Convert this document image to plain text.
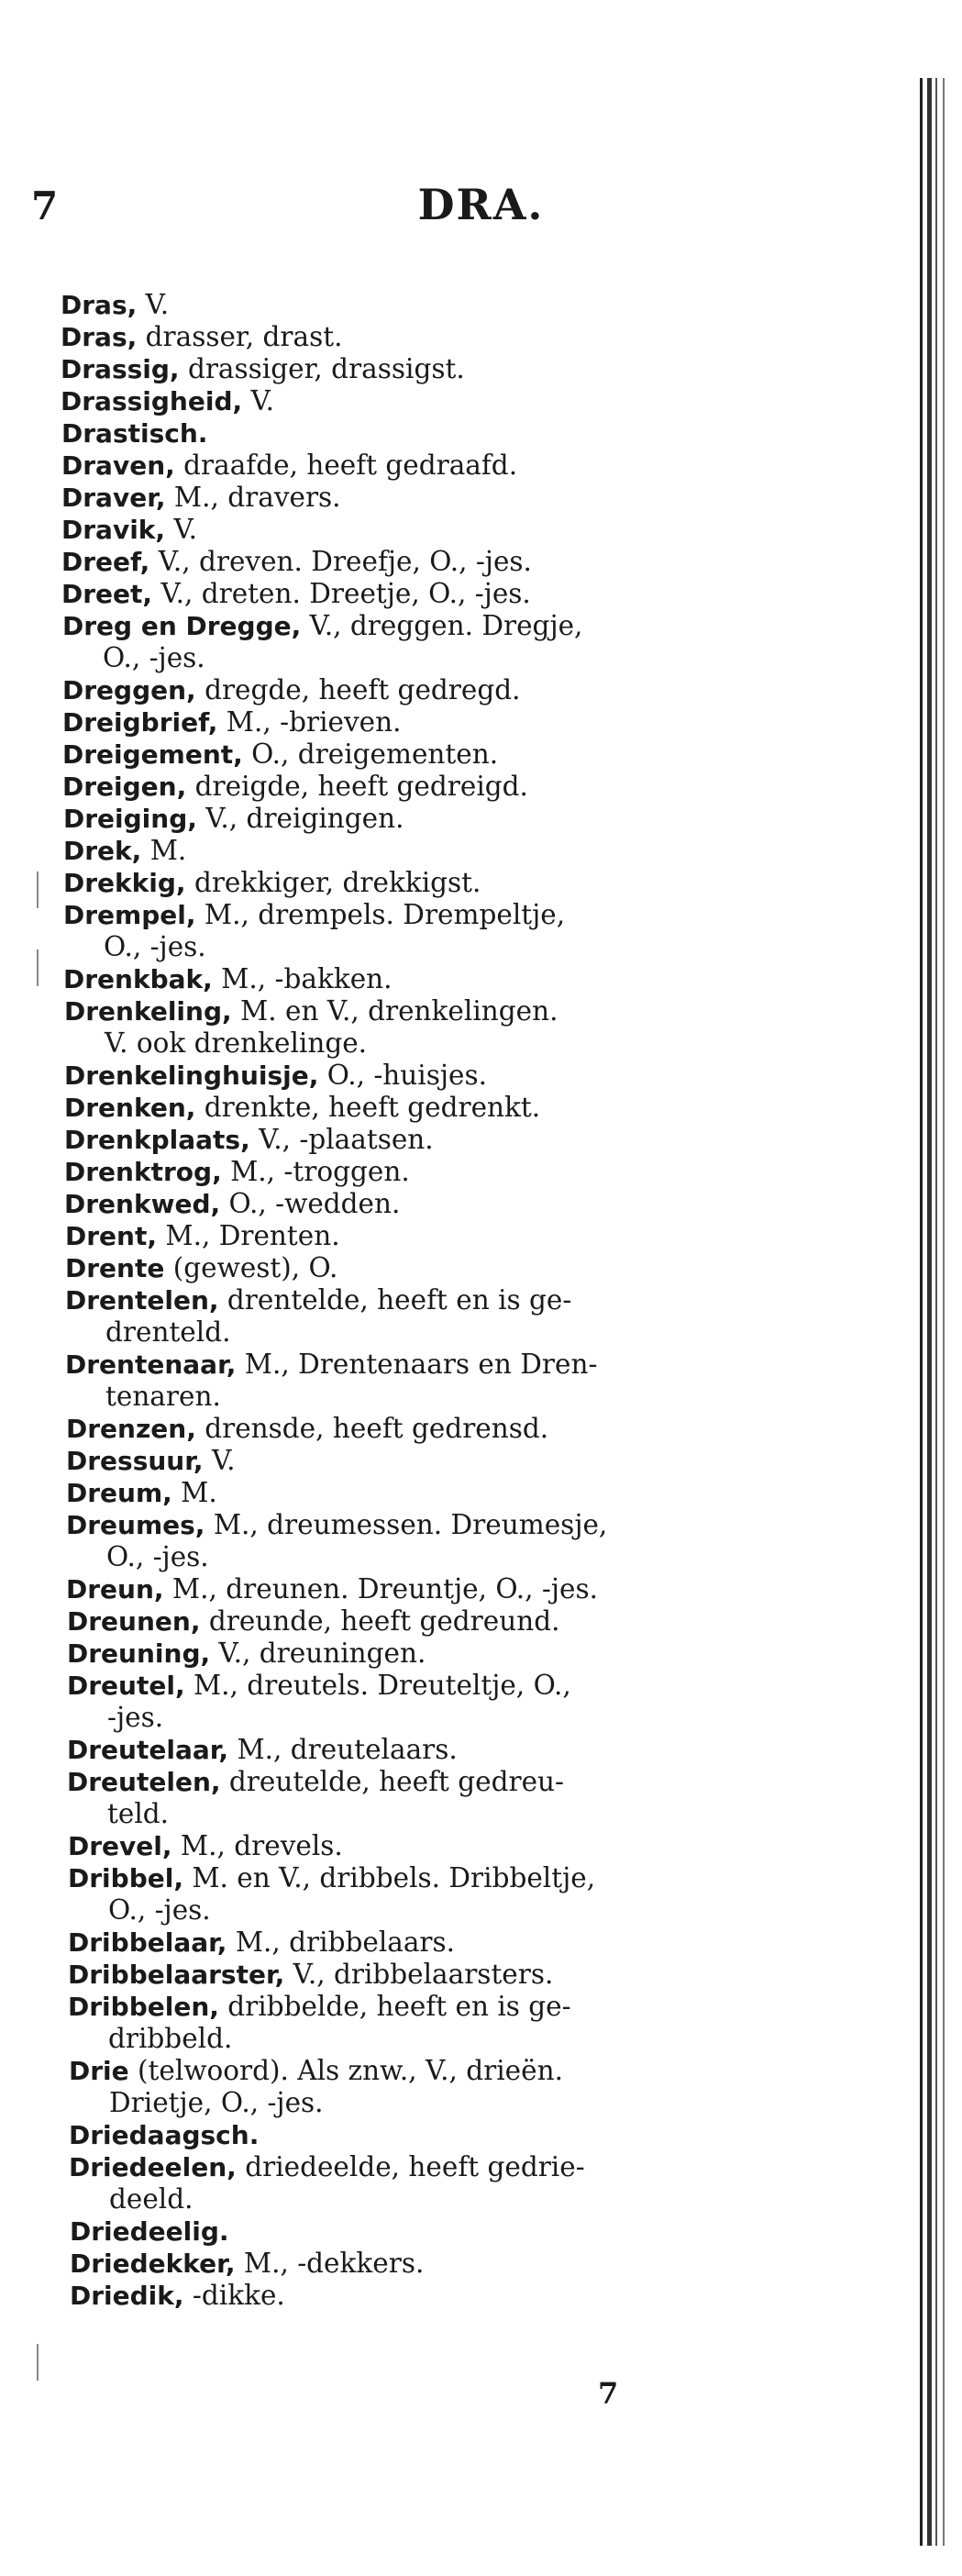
7	DRA.
Dras, V.
Dras, drasser, drast.
Drassig, drassiger, drassigst.
Drassigheid, V.
Drastisch.
Draven, draafde, heeft gedraafd.
Draver, M., dravers.
Dravik, V.
Dreef, V., dreven. Dreefje, O., -jes.
Dreet, V., dreten. Dreetje, O., -jes.
Dreg en Dregge, V., dreggen. Dregje,
O., -jes.
Dreggen, dregde, heeft gedregd.
Dreigbrief, M., -brieven.
Dreigement, O., dreigementen.
Dreigen, dreigde, heeft gedreigd.
Dreiging, V., dreigingen.
Drek, M.
Drekkig, drekkiger, drekkigst.
Drempel, M., drempels. Drempeltje,
O., -jes.
Drenkbak, M., -bakken.
Drenkeling, M. en V., drenkelingen.
V. ook drenkelinge.
Drenkelinghuisje, O., -huisjes.
Drenken, drenkte, heeft gedrenkt.
Drenkplaats, V., -plaatsen.
Drenktrog, M., -troggen.
Drenkwed, O., -wedden.
Drent, M., Drenten.
Drente (gewest), O.
Drentelen, drentelde, heeft en is ge-
drenteld.
Drentenaar, M., Drentenaars en Dren-
tenaren.
Drenzen, drensde, heeft gedrensd.
Dressuur, V.
Dreum, M.
Dreumes, M., dreumessen. Dreumesje,
O., -jes.
Dreun, M., dreunen. Dreuntje, O., -jes.
Dreunen, dreunde, heeft gedreund.
Dreuning, V., dreuningen.
Dreutel, M., dreutels. Dreuteltje, O.,
-jes.
Dreutelaar, M., dreutelaars.
Dreutelen, dreutelde, heeft gedreu-
teld.
Drevel, M., drevels.
Dribbel, M. en V., dribbels. Dribbeltje,
O., -jes.
Dribbelaar, M., dribbelaars.
Dribbelaarster, V., dribbelaarsters.
Dribbelen, dribbelde, heeft en is ge-
dribbeld.
Drie (telwoord). Als znw., V., drieën.
Drietje, O., -jes.
Driedaagsch.
Driedeelen, driedeelde, heeft gedrie-
deeld.
Driedeelig.
Driedekker, M., -dekkers.
Driedik, -dikke.
7
